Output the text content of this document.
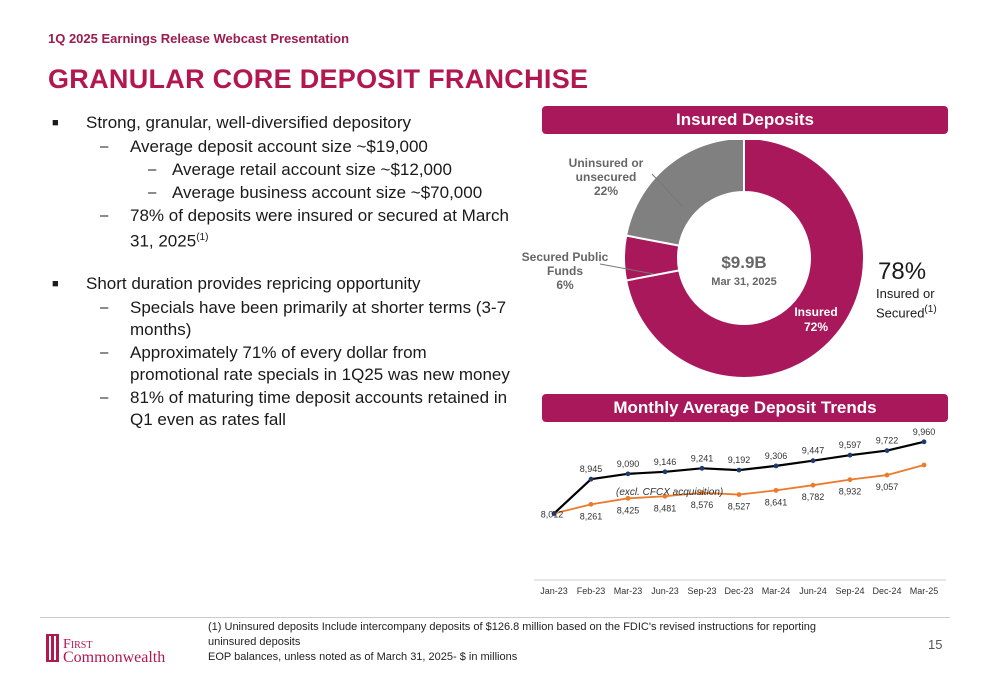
1Q 2025 Earnings Release Webcast Presentation
GRANULAR CORE DEPOSIT FRANCHISE
■ Strong, granular, well-diversified depository
– Average deposit account size ~$19,000
– Average retail account size ~$12,000
– Average business account size ~$70,000
– 78% of deposits were insured or secured at March 31, 2025$^{(1)}$
■ Short duration provides repricing opportunity
– Specials have been primarily at shorter terms (3-7 months)
– Approximately 71% of every dollar from promotional rate specials in 1Q25 was new money
– 81% of maturing time deposit accounts retained in Q1 even as rates fall
Insured Deposits
$9.9B
Mar 31, 2025
Insured
72%
Secured Public
Funds
6%
Uninsured or
unsecured
22%
78%
Insured or
Secured$^{(1)}$
Monthly Average Deposit Trends
8,261
8,425 8,481 8,576 8,527 8,641
8,782
8,932 9,057
8,012
8,945
9,090 9,146 9,241 9,192 9,306
9,447
9,597 9,722
9,960
Jan-23 Feb-23 Mar-23 Jun-23 Sep-23 Dec-23 Mar-24 Jun-24 Sep-24 Dec-24 Mar-25
(excl. CFCX acquisition)
First
Commonwealth
(1) Uninsured deposits Include intercompany deposits of $126.8 million based on the FDIC's revised instructions for reporting uninsured deposits
EOP balances, unless noted as of March 31, 2025- $ in millions
15
